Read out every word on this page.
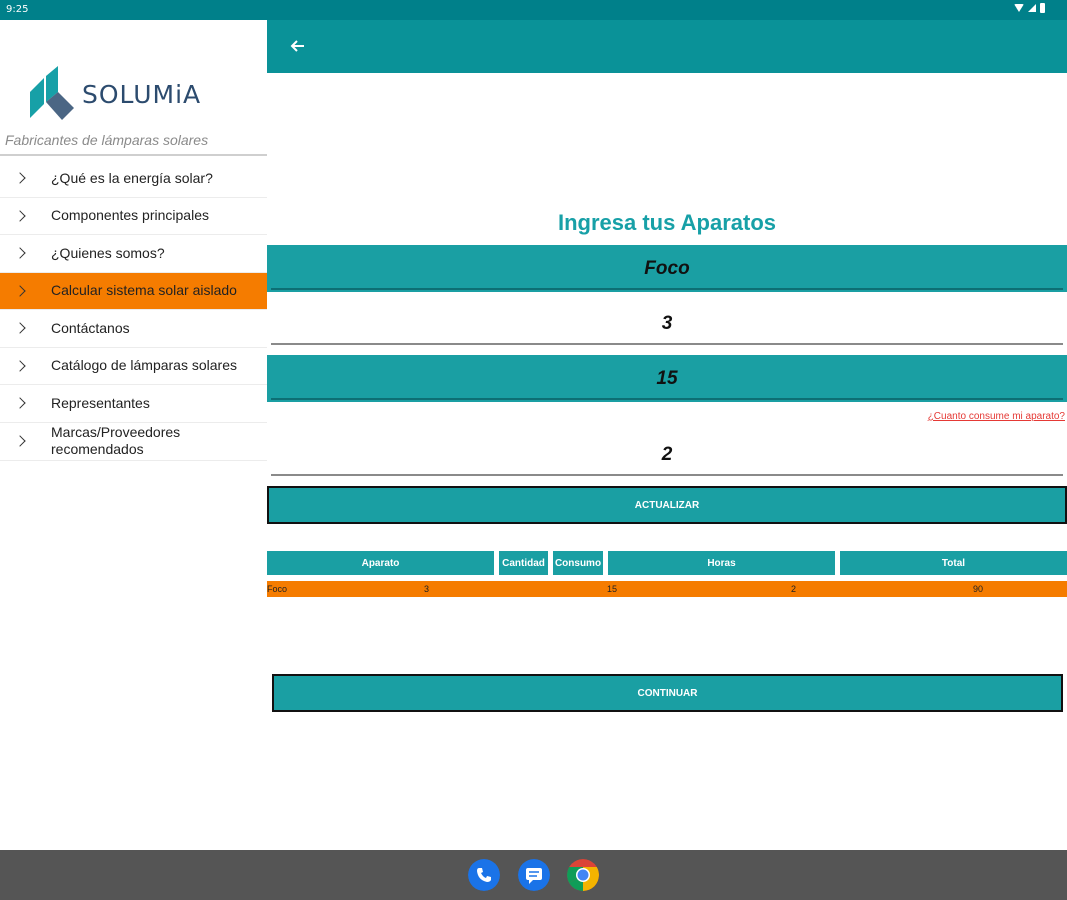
9:25
SOLUMiA
Fabricantes de lámparas solares
¿Qué es la energía solar?
Componentes principales
¿Quienes somos?
Calcular sistema solar aislado
Contáctanos
Catálogo de lámparas solares
Representantes
Marcas/Proveedores recomendados
Ingresa tus Aparatos
Foco
3
15
¿Cuanto consume mi aparato?
2
ACTUALIZAR
Aparato	Cantidad	Consumo	Horas	Total
Foco	3	15	2	90
CONTINUAR
